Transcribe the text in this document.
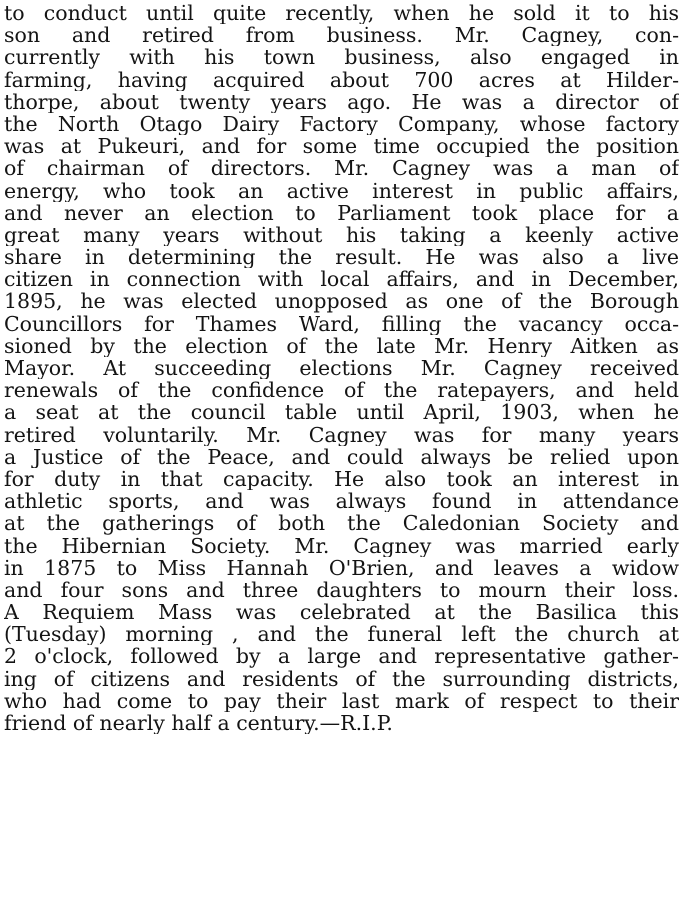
to conduct until quite recently, when he sold it to his
son and retired from business. Mr. Cagney, con-
currently with his town business, also engaged in
farming, having acquired about 700 acres at Hilder-
thorpe, about twenty years ago. He was a director of
the North Otago Dairy Factory Company, whose factory
was at Pukeuri, and for some time occupied the position
of chairman of directors. Mr. Cagney was a man of
energy, who took an active interest in public affairs,
and never an election to Parliament took place for a
great many years without his taking a keenly active
share in determining the result. He was also a live
citizen in connection with local affairs, and in December,
1895, he was elected unopposed as one of the Borough
Councillors for Thames Ward, filling the vacancy occa-
sioned by the election of the late Mr. Henry Aitken as
Mayor. At succeeding elections Mr. Cagney received
renewals of the confidence of the ratepayers, and held
a seat at the council table until April, 1903, when he
retired voluntarily. Mr. Cagney was for many years
a Justice of the Peace, and could always be relied upon
for duty in that capacity. He also took an interest in
athletic sports, and was always found in attendance
at the gatherings of both the Caledonian Society and
the Hibernian Society. Mr. Cagney was married early
in 1875 to Miss Hannah O'Brien, and leaves a widow
and four sons and three daughters to mourn their loss.
A Requiem Mass was celebrated at the Basilica this
(Tuesday) morning , and the funeral left the church at
2 o'clock, followed by a large and representative gather-
ing of citizens and residents of the surrounding districts,
who had come to pay their last mark of respect to their
friend of nearly half a century.—R.I.P.
